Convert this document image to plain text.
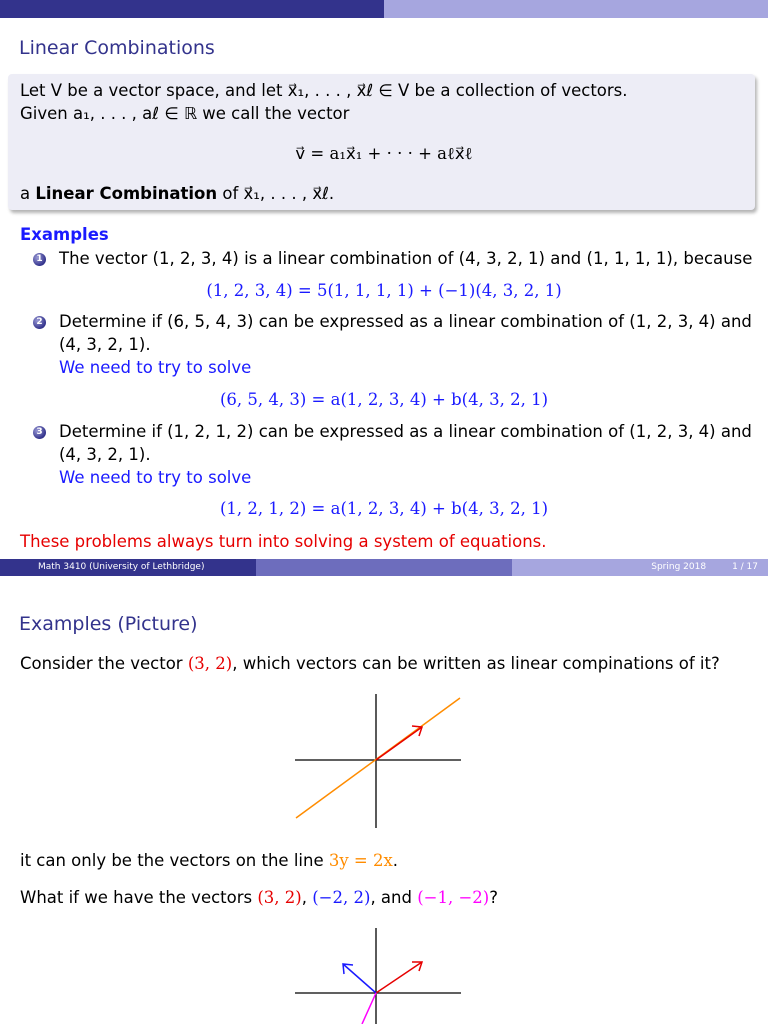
Linear Combinations
Let V be a vector space, and let x⃗₁, . . . , x⃗ℓ ∈ V be a collection of vectors.
Given a₁, . . . , aℓ ∈ ℝ we call the vector
v⃗ = a₁x⃗₁ + · · · + aℓx⃗ℓ
a Linear Combination of x⃗₁, . . . , x⃗ℓ.
Examples
1 The vector (1, 2, 3, 4) is a linear combination of (4, 3, 2, 1) and (1, 1, 1, 1), because
(1, 2, 3, 4) = 5(1, 1, 1, 1) + (−1)(4, 3, 2, 1)
2 Determine if (6, 5, 4, 3) can be expressed as a linear combination of (1, 2, 3, 4) and
(4, 3, 2, 1).
We need to try to solve
(6, 5, 4, 3) = a(1, 2, 3, 4) + b(4, 3, 2, 1)
3 Determine if (1, 2, 1, 2) can be expressed as a linear combination of (1, 2, 3, 4) and
(4, 3, 2, 1).
We need to try to solve
(1, 2, 1, 2) = a(1, 2, 3, 4) + b(4, 3, 2, 1)
These problems always turn into solving a system of equations.
Math 3410 (University of Lethbridge)	Spring 2018	1 / 17
Examples (Picture)
Consider the vector (3, 2), which vectors can be written as linear compinations of it?
it can only be the vectors on the line 3y = 2x.
What if we have the vectors (3, 2), (−2, 2), and (−1, −2)?
